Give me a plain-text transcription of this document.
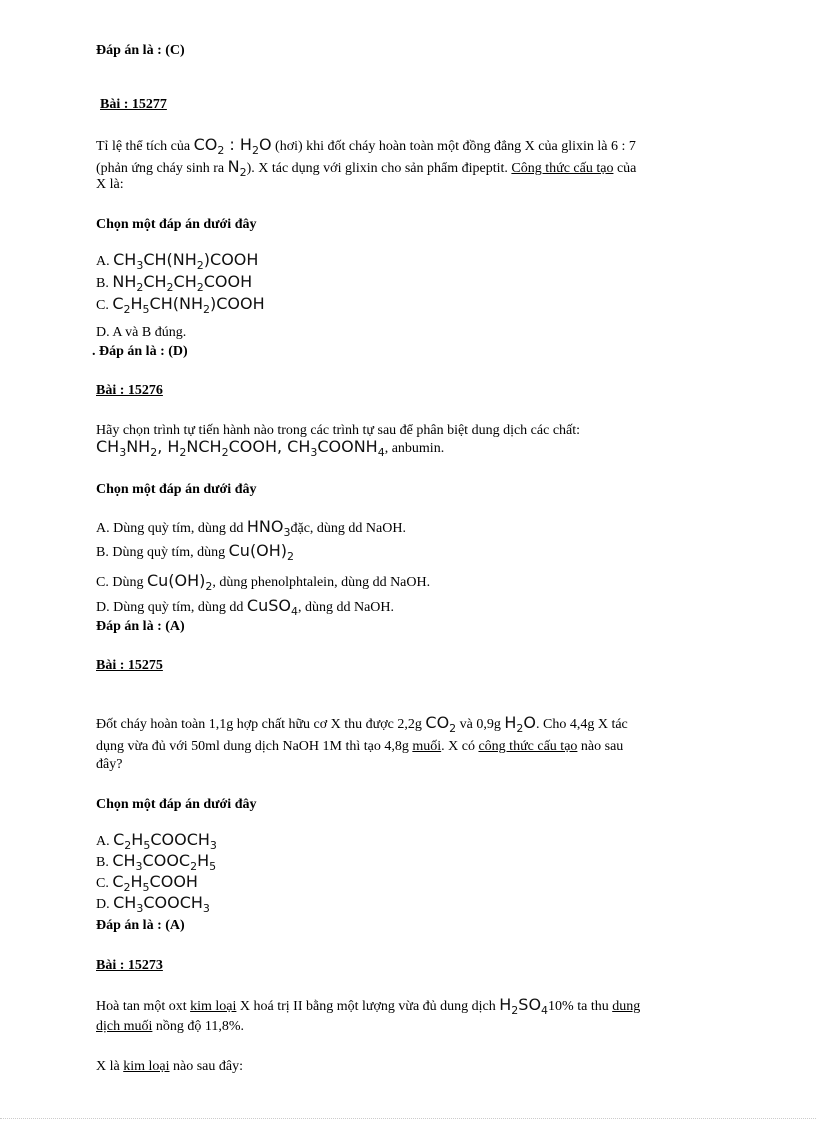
Đáp án là : (C)
Bài : 15277
Tỉ lệ thể tích của $CO_2$ : $H_2O$ (hơi) khi đốt cháy hoàn toàn một đồng đẳng X của glixin là 6 : 7
(phản ứng cháy sinh ra $N_2$). X tác dụng với glixin cho sản phẩm đipeptit. Công thức cấu tạo của
X là:
Chọn một đáp án dưới đây
A. $CH_3CH(NH_2)COOH$
B. $NH_2CH_2CH_2COOH$
C. $C_2H_5CH(NH_2)COOH$
D. A và B đúng.
. Đáp án là : (D)
Bài : 15276
Hãy chọn trình tự tiến hành nào trong các trình tự sau để phân biệt dung dịch các chất:
$CH_3NH_2$, $H_2NCH_2COOH$, $CH_3COONH_4$, anbumin.
Chọn một đáp án dưới đây
A. Dùng quỳ tím, dùng dd $HNO_3đặc$, dùng dd NaOH.
B. Dùng quỳ tím, dùng $Cu(OH)_2$
C. Dùng $Cu(OH)_2$, dùng phenolphtalein, dùng dd NaOH.
D. Dùng quỳ tím, dùng dd CuSO$_4$, dùng dd NaOH.
Đáp án là : (A)
Bài : 15275
Đốt cháy hoàn toàn 1,1g hợp chất hữu cơ X thu được 2,2g $CO_2$ và 0,9g $H_2O$. Cho 4,4g X tác
dụng vừa đủ với 50ml dung dịch NaOH 1M thì tạo 4,8g muối. X có công thức cấu tạo nào sau
đây?
Chọn một đáp án dưới đây
A. $C_2H_5COOCH_3$
B. $CH_3COOC_2H_5$
C. $C_2H_5COOH$
D. $CH_3COOCH_3$
Đáp án là : (A)
Bài : 15273
Hoà tan một oxt kim loại X hoá trị II bằng một lượng vừa đủ dung dịch $H_2SO_410\%$ ta thu dung
dịch muối nồng độ 11,8%.
X là kim loại nào sau đây:
